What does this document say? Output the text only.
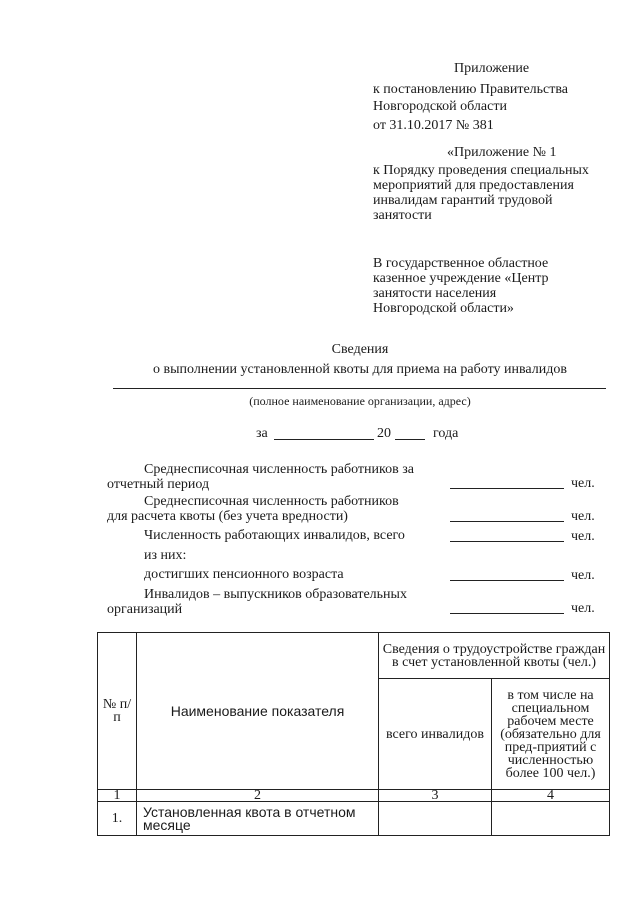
Приложение
к постановлению Правительства
Новгородской области
от 31.10.2017 № 381
«Приложение № 1
к Порядку проведения специальных
мероприятий для предоставления
инвалидам гарантий трудовой
занятости
В государственное областное
казенное учреждение «Центр
занятости населения
Новгородской области»
Сведения
о выполнении установленной квоты для приема на работу инвалидов
(полное наименование организации, адрес)
за	20	года
Среднесписочная численность работников за
отчетный период	чел.
Среднесписочная численность работников
для расчета квоты (без учета вредности)	чел.
Численность работающих инвалидов, всего	чел.
из них:
достигших пенсионного возраста	чел.
Инвалидов – выпускников образовательных
организаций	чел.
№ п/п	Наименование показателя	Сведения о трудоустройстве граждан в счет установленной квоты (чел.)	
		всего инвалидов	в том числе на специальном рабочем месте (обязательно для пред-приятий с численностью более 100 чел.)
1	2	3	4
1.	Установленная квота в отчетном месяце		
